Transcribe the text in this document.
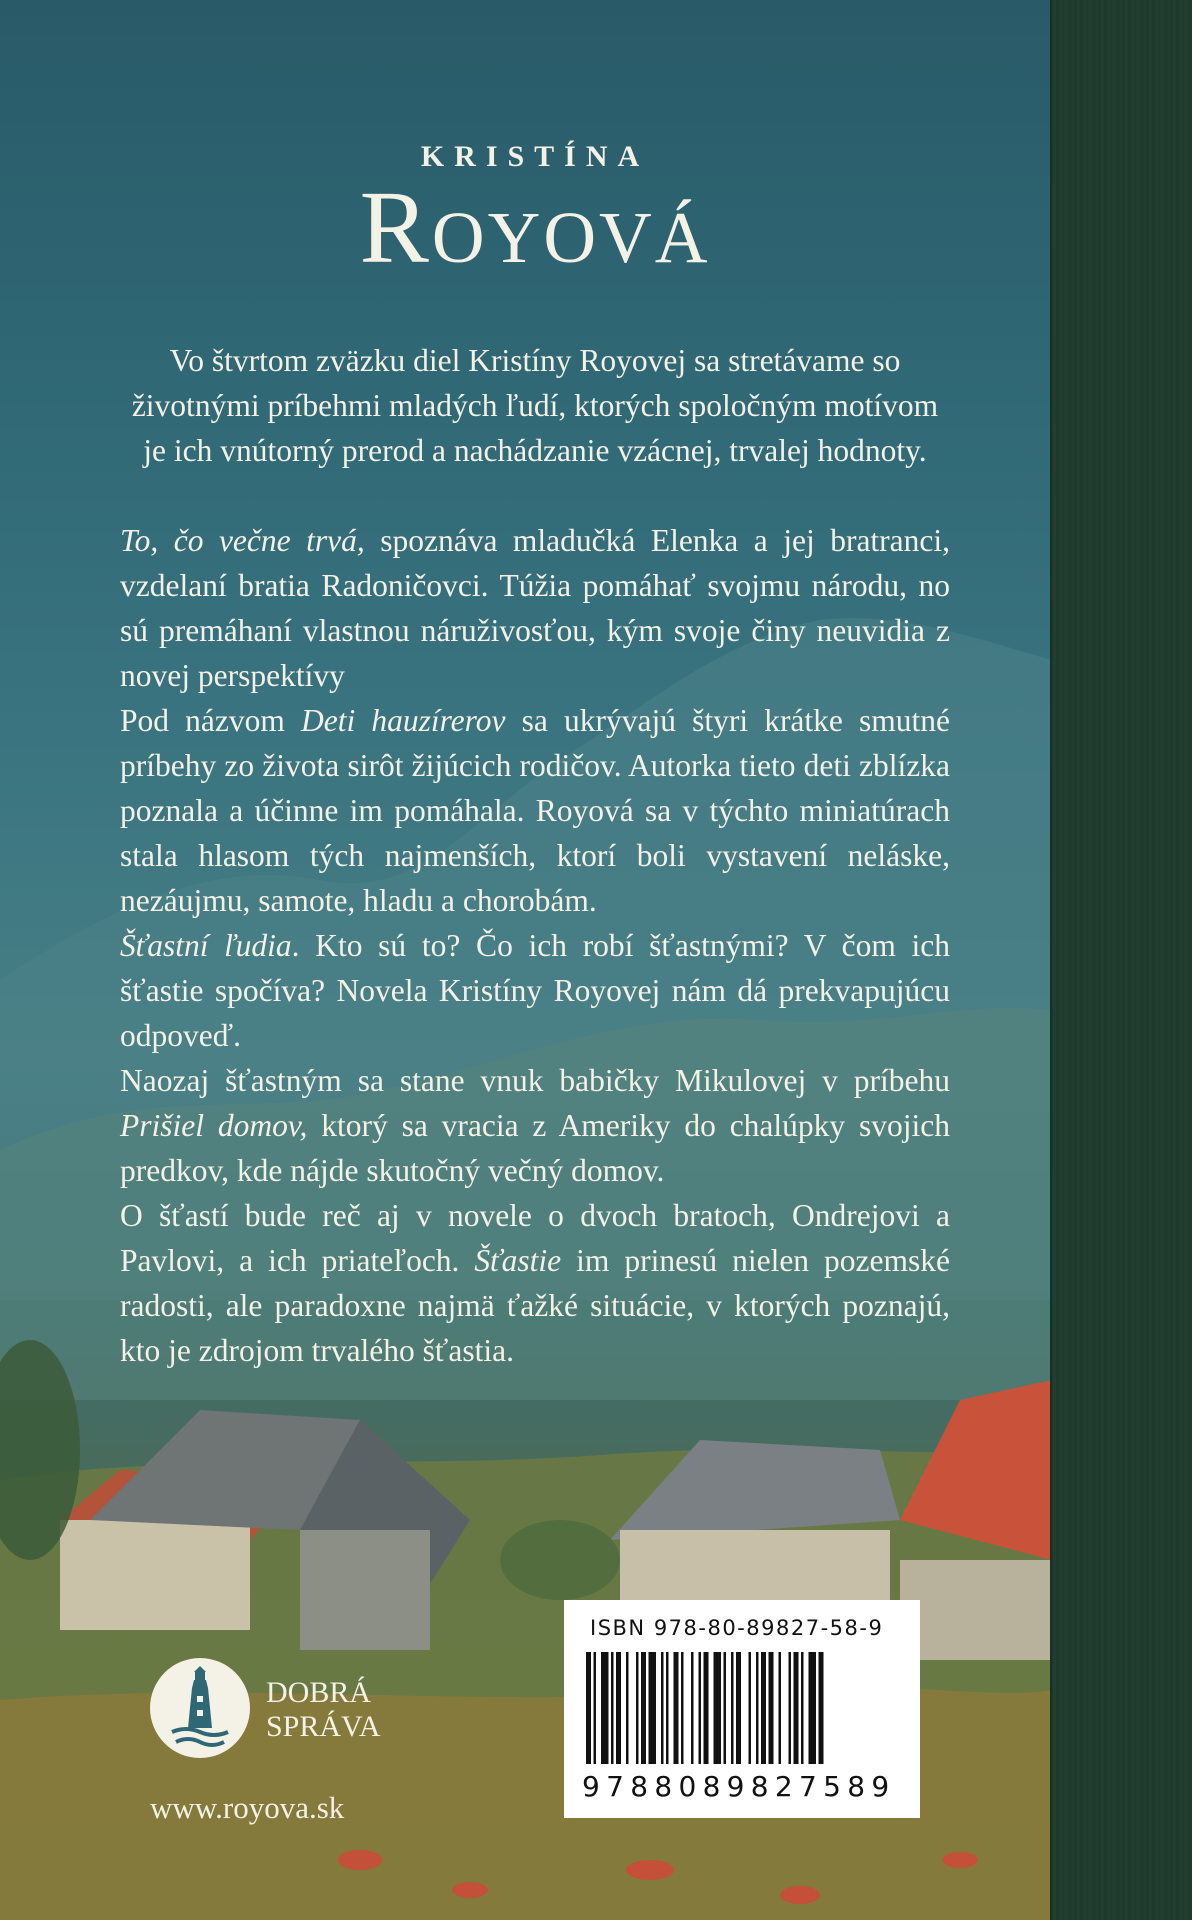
KRISTÍNA
Royová

Vo štvrtom zväzku diel Kristíny Royovej sa stretávame so životnými príbehmi mladých ľudí, ktorých spoločným motívom je ich vnútorný prerod a nachádzanie vzácnej, trvalej hodnoty.

To, čo večne trvá, spoznáva mladučká Elenka a jej bratranci, vzdelaní bratia Radoničovci. Túžia pomáhať svojmu národu, no sú premáhaní vlastnou náruživosťou, kým svoje činy neuvidia z novej perspektívy

Pod názvom Deti hauzírerov sa ukrývajú štyri krátke smutné príbehy zo života sirôt žijúcich rodičov. Autorka tieto deti zblízka poznala a účinne im pomáhala. Royová sa v týchto miniatúrach stala hlasom tých najmenších, ktorí boli vystavení neláske, nezáujmu, samote, hladu a chorobám.

Šťastní ľudia. Kto sú to? Čo ich robí šťastnými? V čom ich šťastie spočíva? Novela Kristíny Royovej nám dá prekvapujúcu odpoveď.

Naozaj šťastným sa stane vnuk babičky Mikulovej v príbehu Prišiel domov, ktorý sa vracia z Ameriky do chalúpky svojich predkov, kde nájde skutočný večný domov.

O šťastí bude reč aj v novele o dvoch bratoch, Ondrejovi a Pavlovi, a ich priateľoch. Šťastie im prinesú nielen pozemské radosti, ale paradoxne najmä ťažké situácie, v ktorých poznajú, kto je zdrojom trvalého šťastia.

DOBRÁ
SPRÁVA
www.royova.sk
ISBN 978-80-89827-58-9
9788089827589
